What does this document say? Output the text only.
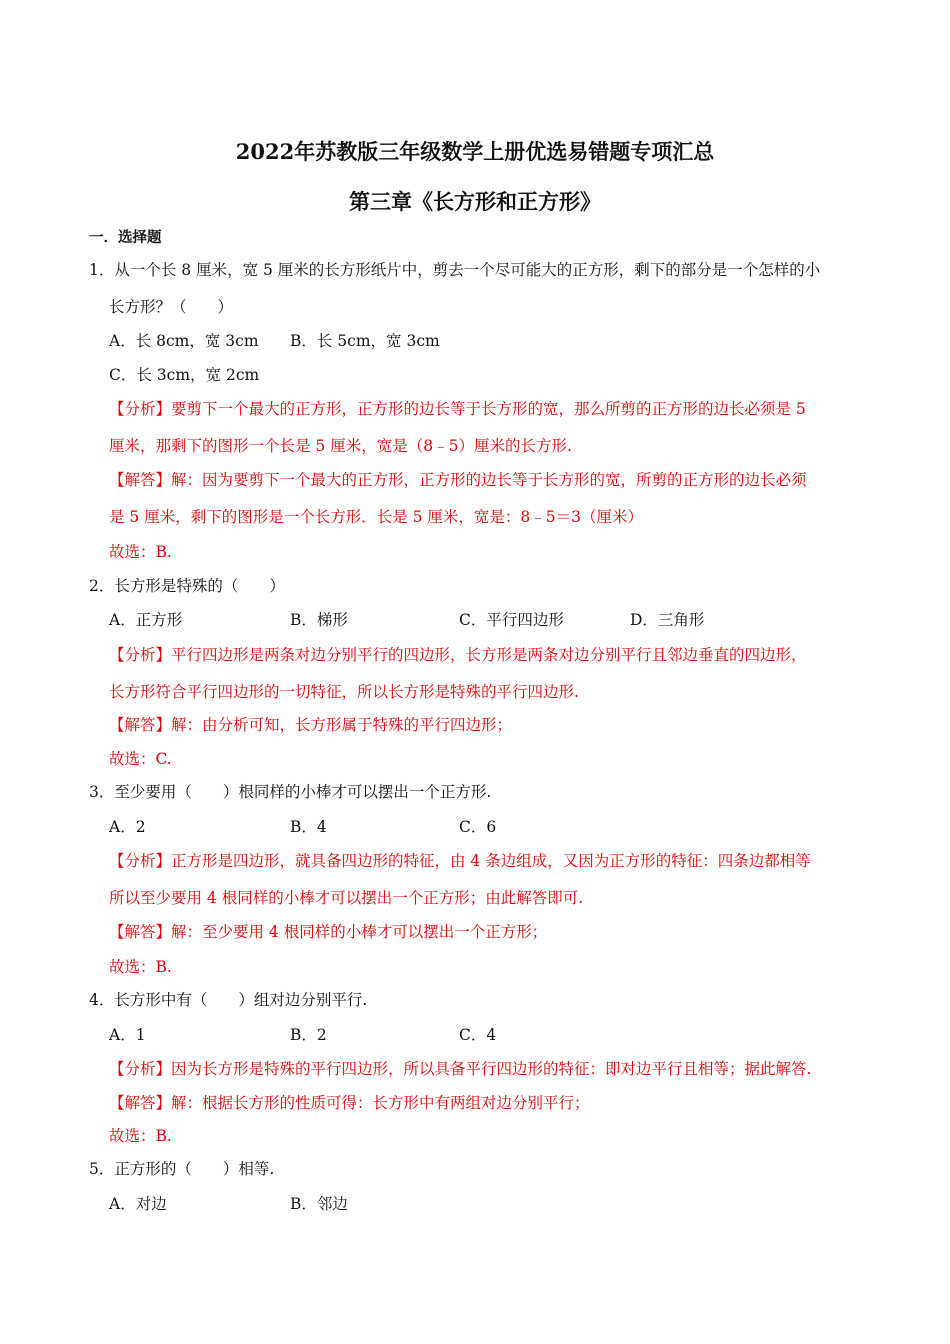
2022年苏教版三年级数学上册优选易错题专项汇总
第三章《长方形和正方形》
一．选择题
1．从一个长 8 厘米，宽 5 厘米的长方形纸片中，剪去一个尽可能大的正方形，剩下的部分是一个怎样的小
长方形？（　　）
A．长 8cm，宽 3cm B．长 5cm，宽 3cm
C．长 3cm，宽 2cm
【分析】要剪下一个最大的正方形，正方形的边长等于长方形的宽，那么所剪的正方形的边长必须是 5
厘米，那剩下的图形一个长是 5 厘米，宽是（8﹣5）厘米的长方形.
【解答】解：因为要剪下一个最大的正方形，正方形的边长等于长方形的宽，所剪的正方形的边长必须
是 5 厘米，剩下的图形是一个长方形．长是 5 厘米，宽是：8﹣5＝3（厘米）
故选：B.
2．长方形是特殊的（　　）
A．正方形	B．梯形	C．平行四边形	D．三角形
【分析】平行四边形是两条对边分别平行的四边形，长方形是两条对边分别平行且邻边垂直的四边形，
长方形符合平行四边形的一切特征，所以长方形是特殊的平行四边形.
【解答】解：由分析可知，长方形属于特殊的平行四边形；
故选：C.
3．至少要用（　　）根同样的小棒才可以摆出一个正方形.
A．2	B．4	C．6
【分析】正方形是四边形，就具备四边形的特征，由 4 条边组成，又因为正方形的特征：四条边都相等
所以至少要用 4 根同样的小棒才可以摆出一个正方形；由此解答即可.
【解答】解：至少要用 4 根同样的小棒才可以摆出一个正方形；
故选：B.
4．长方形中有（　　）组对边分别平行.
A．1	B．2	C．4
【分析】因为长方形是特殊的平行四边形，所以具备平行四边形的特征：即对边平行且相等；据此解答.
【解答】解：根据长方形的性质可得：长方形中有两组对边分别平行；
故选：B.
5．正方形的（　　）相等.
A．对边	B．邻边
